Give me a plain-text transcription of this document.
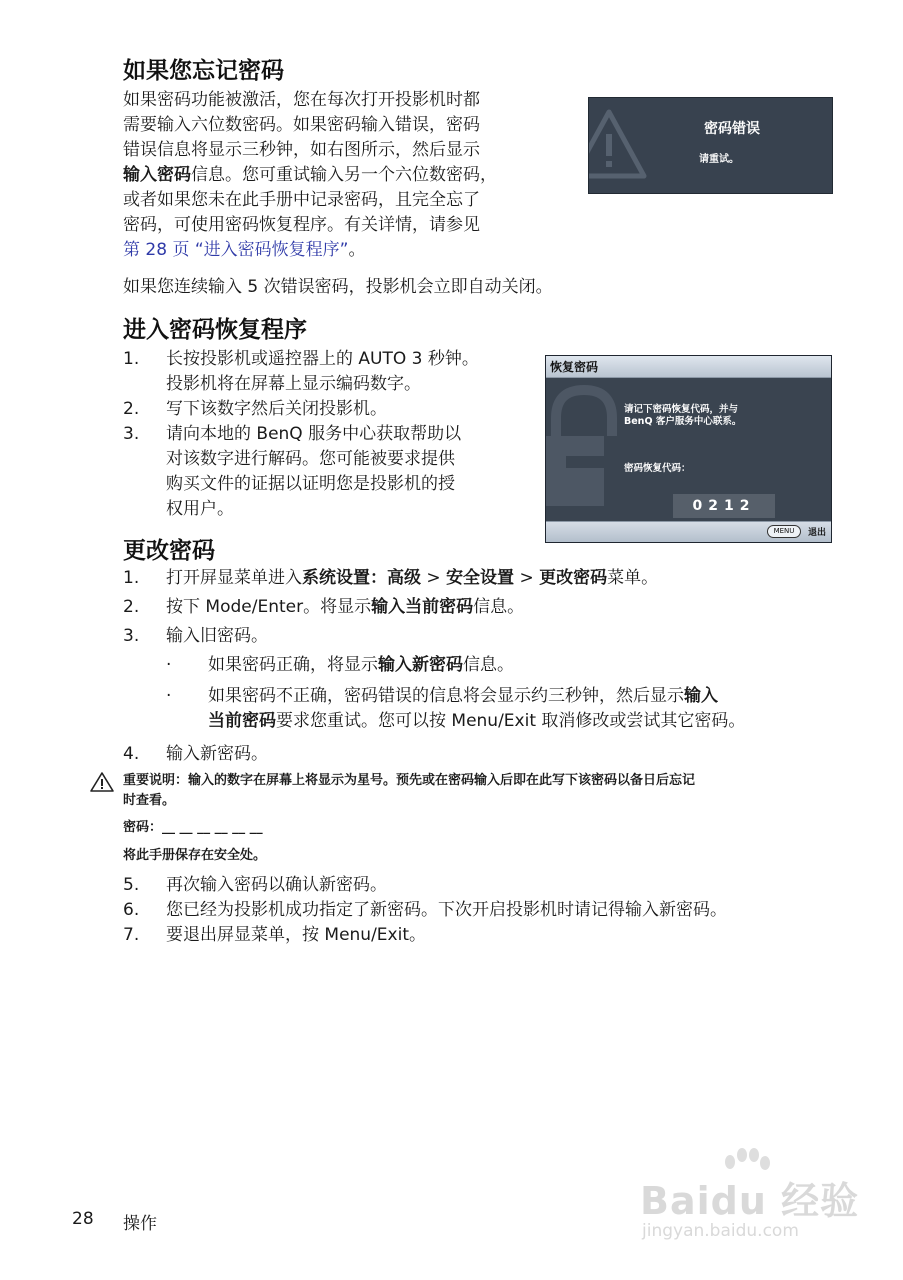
如果您忘记密码
如果密码功能被激活，您在每次打开投影机时都
需要输入六位数密码。如果密码输入错误，密码
错误信息将显示三秒钟，如右图所示，然后显示
输入密码信息。您可重试输入另一个六位数密码，
或者如果您未在此手册中记录密码，且完全忘了
密码，可使用密码恢复程序。有关详情，请参见
第 28 页 “进入密码恢复程序”。
密码错误
请重试。
如果您连续输入 5 次错误密码，投影机会立即自动关闭。
进入密码恢复程序
1. 长按投影机或遥控器上的 AUTO 3 秒钟。
投影机将在屏幕上显示编码数字。
2. 写下该数字然后关闭投影机。
3. 请向本地的 BenQ 服务中心获取帮助以
对该数字进行解码。您可能被要求提供
购买文件的证据以证明您是投影机的授
权用户。
恢复密码
请记下密码恢复代码，并与
BenQ 客户服务中心联系。
密码恢复代码：
0212
MENU	退出
更改密码
1. 打开屏显菜单进入系统设置：高级 > 安全设置 > 更改密码菜单。
2. 按下 Mode/Enter。将显示输入当前密码信息。
3. 输入旧密码。
· 如果密码正确，将显示输入新密码信息。
· 如果密码不正确，密码错误的信息将会显示约三秒钟，然后显示输入
当前密码要求您重试。您可以按 Menu/Exit 取消修改或尝试其它密码。
4. 输入新密码。
重要说明：输入的数字在屏幕上将显示为星号。预先或在密码输入后即在此写下该密码以备日后忘记
时查看。
密码：__ __ __ __ __ __
将此手册保存在安全处。
5. 再次输入密码以确认新密码。
6. 您已经为投影机成功指定了新密码。下次开启投影机时请记得输入新密码。
7. 要退出屏显菜单，按 Menu/Exit。
28 操作
Baidu 经验
jingyan.baidu.com
